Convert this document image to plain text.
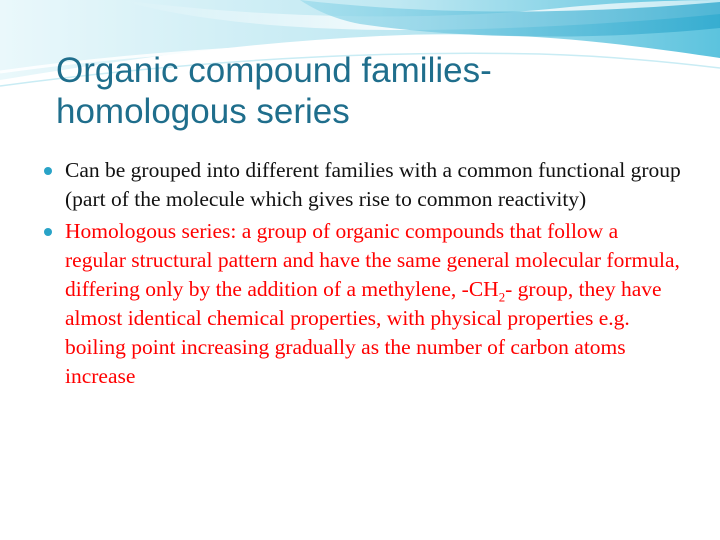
Organic compound families-
homologous series
Can be grouped into different families with a common functional group (part of the molecule which gives rise to common reactivity)
Homologous series: a group of organic compounds that follow a regular structural pattern and have the same general molecular formula, differing only by the addition of a methylene, $-CH_2-$ group, they have almost identical chemical properties, with physical properties e.g. boiling point increasing gradually as the number of carbon atoms increase
